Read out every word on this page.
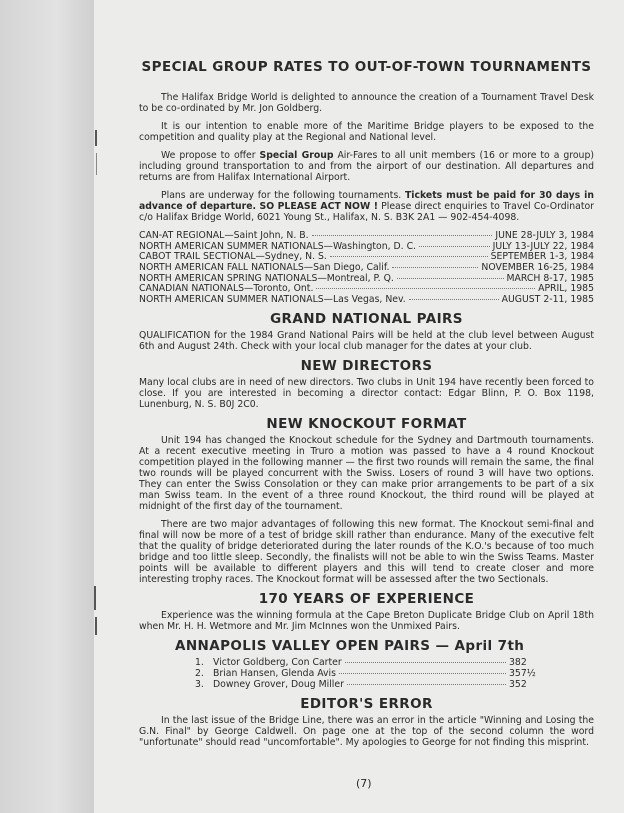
SPECIAL GROUP RATES TO OUT-OF-TOWN TOURNAMENTS

The Halifax Bridge World is delighted to announce the creation of a Tournament Travel Desk to be co-ordinated by Mr. Jon Goldberg.

It is our intention to enable more of the Maritime Bridge players to be exposed to the competition and quality play at the Regional and National level.

We propose to offer Special Group Air-Fares to all unit members (16 or more to a group) including ground transportation to and from the airport of our destination. All departures and returns are from Halifax International Airport.

Plans are underway for the following tournaments. Tickets must be paid for 30 days in advance of departure. SO PLEASE ACT NOW ! Please direct enquiries to Travel Co-Ordinator c/o Halifax Bridge World, 6021 Young St., Halifax, N. S. B3K 2A1 — 902-454-4098.

CAN-AT REGIONAL—Saint John, N. B.	JUNE 28-JULY 3, 1984
NORTH AMERICAN SUMMER NATIONALS—Washington, D. C.	JULY 13-JULY 22, 1984
CABOT TRAIL SECTIONAL—Sydney, N. S.	SEPTEMBER 1-3, 1984
NORTH AMERICAN FALL NATIONALS—San Diego, Calif.	NOVEMBER 16-25, 1984
NORTH AMERICAN SPRING NATIONALS—Montreal, P. Q.	MARCH 8-17, 1985
CANADIAN NATIONALS—Toronto, Ont.	APRIL, 1985
NORTH AMERICAN SUMMER NATIONALS—Las Vegas, Nev.	AUGUST 2-11, 1985
GRAND NATIONAL PAIRS

QUALIFICATION for the 1984 Grand National Pairs will be held at the club level between August 6th and August 24th. Check with your local club manager for the dates at your club.

NEW DIRECTORS

Many local clubs are in need of new directors. Two clubs in Unit 194 have recently been forced to close. If you are interested in becoming a director contact: Edgar Blinn, P. O. Box 1198, Lunenburg, N. S. B0J 2C0.

NEW KNOCKOUT FORMAT

Unit 194 has changed the Knockout schedule for the Sydney and Dartmouth tournaments. At a recent executive meeting in Truro a motion was passed to have a 4 round Knockout competition played in the following manner — the first two rounds will remain the same, the final two rounds will be played concurrent with the Swiss. Losers of round 3 will have two options. They can enter the Swiss Consolation or they can make prior arrangements to be part of a six man Swiss team. In the event of a three round Knockout, the third round will be played at midnight of the first day of the tournament.

There are two major advantages of following this new format. The Knockout semi-final and final will now be more of a test of bridge skill rather than endurance. Many of the executive felt that the quality of bridge deteriorated during the later rounds of the K.O.'s because of too much bridge and too little sleep. Secondly, the finalists will not be able to win the Swiss Teams. Master points will be available to different players and this will tend to create closer and more interesting trophy races. The Knockout format will be assessed after the two Sectionals.

170 YEARS OF EXPERIENCE

Experience was the winning formula at the Cape Breton Duplicate Bridge Club on April 18th when Mr. H. H. Wetmore and Mr. Jim McInnes won the Unmixed Pairs.

ANNAPOLIS VALLEY OPEN PAIRS — April 7th
1. Victor Goldberg, Con Carter	382
2. Brian Hansen, Glenda Avis	357½
3. Downey Grover, Doug Miller	352
EDITOR'S ERROR

In the last issue of the Bridge Line, there was an error in the article "Winning and Losing the G.N. Final" by George Caldwell. On page one at the top of the second column the word "unfortunate" should read "uncomfortable". My apologies to George for not finding this misprint.

(7)
